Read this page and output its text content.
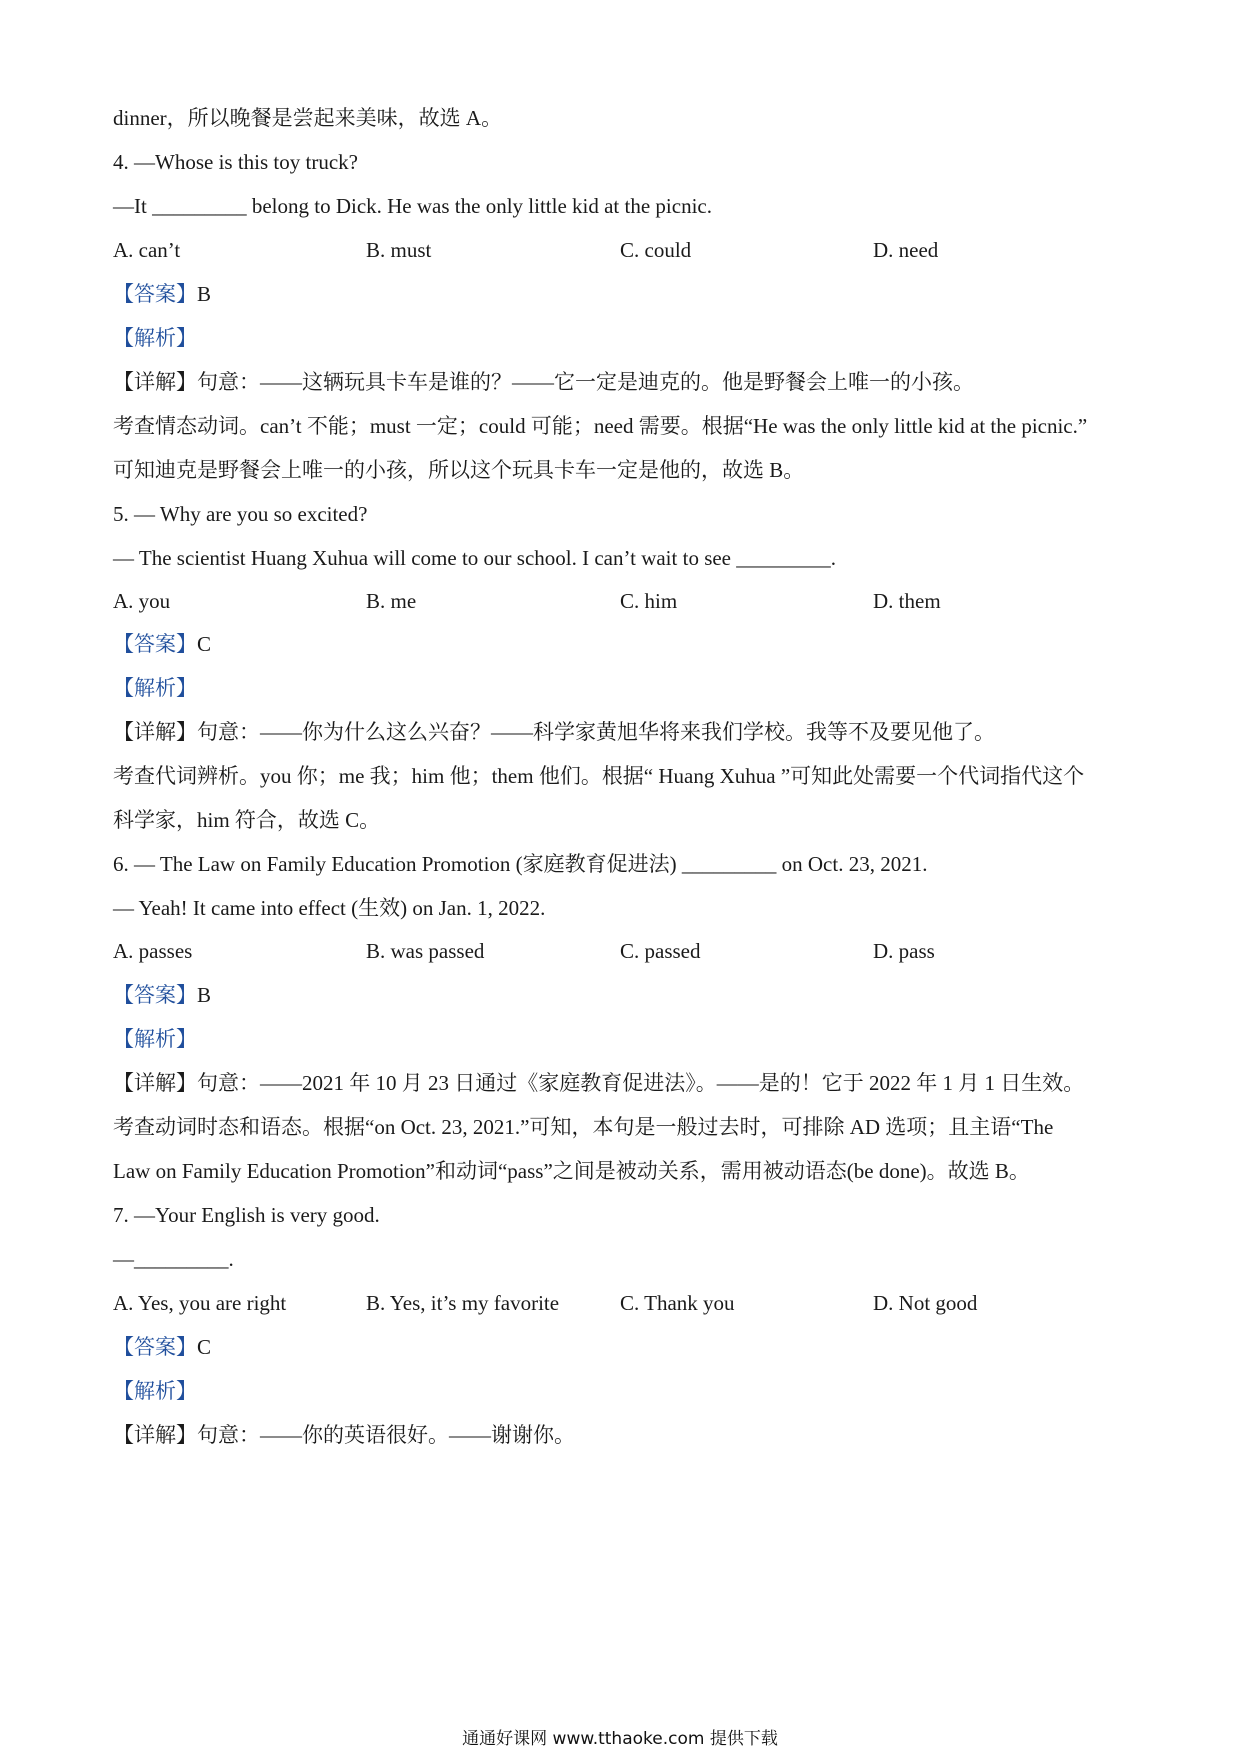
dinner，所以晚餐是尝起来美味，故选 A。
4. —Whose is this toy truck?
—It _________ belong to Dick. He was the only little kid at the picnic.
A. can’t	B. must	C. could	D. need
【答案】B
【解析】
【详解】句意：——这辆玩具卡车是谁的？——它一定是迪克的。他是野餐会上唯一的小孩。
考查情态动词。can’t 不能；must 一定；could 可能；need 需要。根据“He was the only little kid at the picnic.”
可知迪克是野餐会上唯一的小孩，所以这个玩具卡车一定是他的，故选 B。
5. — Why are you so excited?
— The scientist Huang Xuhua will come to our school. I can’t wait to see _________.
A. you	B. me	C. him	D. them
【答案】C
【解析】
【详解】句意：——你为什么这么兴奋？——科学家黄旭华将来我们学校。我等不及要见他了。
考查代词辨析。you 你；me 我；him 他；them 他们。根据“ Huang Xuhua ”可知此处需要一个代词指代这个
科学家，him 符合，故选 C。
6. — The Law on Family Education Promotion (家庭教育促进法) _________ on Oct. 23, 2021.
— Yeah! It came into effect (生效) on Jan. 1, 2022.
A. passes	B. was passed	C. passed	D. pass
【答案】B
【解析】
【详解】句意：——2021 年 10 月 23 日通过《家庭教育促进法》。——是的！它于 2022 年 1 月 1 日生效。
考查动词时态和语态。根据“on Oct. 23, 2021.”可知，本句是一般过去时，可排除 AD 选项；且主语“The
Law on Family Education Promotion”和动词“pass”之间是被动关系，需用被动语态(be done)。故选 B。
7. —Your English is very good.
—_________.
A. Yes, you are right	B. Yes, it’s my favorite	C. Thank you	D. Not good
【答案】C
【解析】
【详解】句意：——你的英语很好。——谢谢你。
通通好课网 www.tthaoke.com 提供下载
